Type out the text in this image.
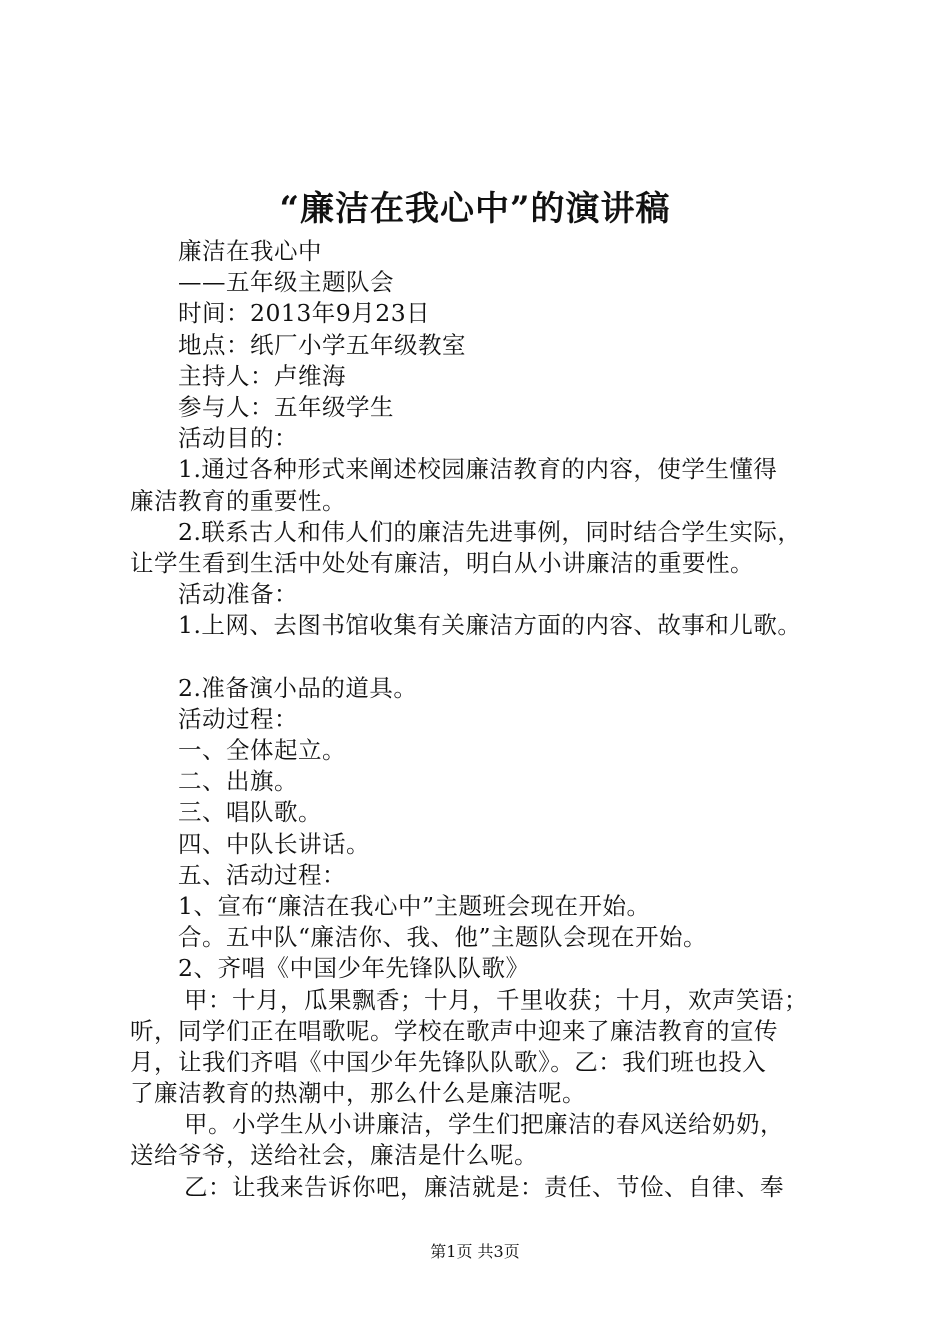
“廉洁在我心中”的演讲稿
廉洁在我心中
——五年级主题队会
时间：2013年9月23日
地点：纸厂小学五年级教室
主持人：卢维海
参与人：五年级学生
活动目的：
1.通过各种形式来阐述校园廉洁教育的内容，使学生懂得
廉洁教育的重要性。
2.联系古人和伟人们的廉洁先进事例，同时结合学生实际，
让学生看到生活中处处有廉洁，明白从小讲廉洁的重要性。
活动准备：
1.上网、去图书馆收集有关廉洁方面的内容、故事和儿歌。
2.准备演小品的道具。
活动过程：
一、全体起立。
二、出旗。
三、唱队歌。
四、中队长讲话。
五、活动过程：
1、宣布“廉洁在我心中”主题班会现在开始。
合。五中队“廉洁你、我、他”主题队会现在开始。
2、齐唱《中国少年先锋队队歌》
甲：十月，瓜果飘香；十月，千里收获；十月，欢声笑语；
听，同学们正在唱歌呢。学校在歌声中迎来了廉洁教育的宣传
月，让我们齐唱《中国少年先锋队队歌》。乙：我们班也投入
了廉洁教育的热潮中，那么什么是廉洁呢。
甲。小学生从小讲廉洁，学生们把廉洁的春风送给奶奶，
送给爷爷，送给社会，廉洁是什么呢。
乙：让我来告诉你吧，廉洁就是：责任、节俭、自律、奉
第1页 共3页
